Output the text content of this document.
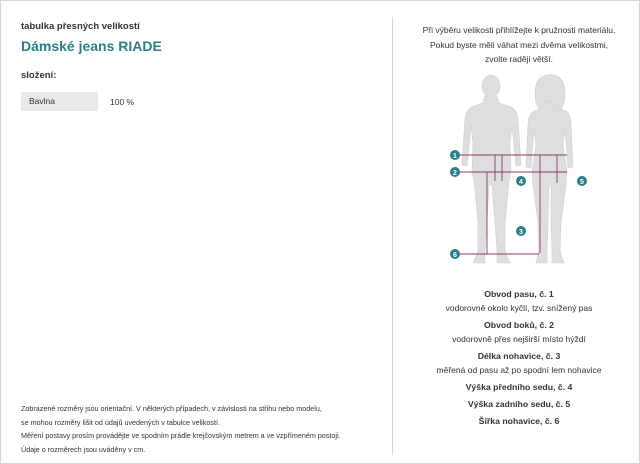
tabulka přesných velikostí
Dámské jeans RIADE
složení:
Bavlna	100 %
Zobrazené rozměry jsou orientační. V některých případech, v závislosti na střihu nebo modelu,
se mohou rozměry lišit od údajů uvedených v tabulce velikostí.
Měření postavy prosím provádějte ve spodním prádle krejčovským metrem a ve vzpřímeném postoji.
Údaje o rozměrech jsou uváděny v cm.
Při výběru velikosti přihlížejte k pružnosti materiálu.
Pokud byste měli váhat mezi dvěma velikostmi,
zvolte raději větší.
1
2
3
4	5
6
Obvod pasu, č. 1
vodorovně okolo kyčlí, tzv. snížený pas
Obvod boků, č. 2
vodorovně přes nejširší místo hýždí
Délka nohavice, č. 3
měřená od pasu až po spodní lem nohavice
Výška předního sedu, č. 4
Výška zadního sedu, č. 5
Šířka nohavice, č. 6
